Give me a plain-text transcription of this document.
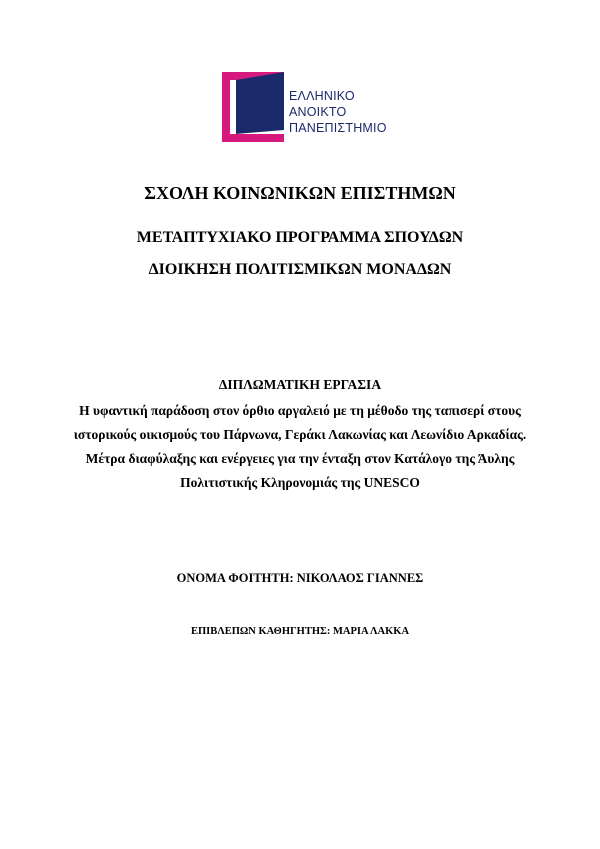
ΕΛΛΗΝΙΚΟ
ΑΝΟΙΚΤΟ
ΠΑΝΕΠΙΣΤΗΜΙΟ
ΣΧΟΛΗ ΚΟΙΝΩΝΙΚΩΝ ΕΠΙΣΤΗΜΩΝ
ΜΕΤΑΠΤΥΧΙΑΚΟ ΠΡΟΓΡΑΜΜΑ ΣΠΟΥΔΩΝ
ΔΙΟΙΚΗΣΗ ΠΟΛΙΤΙΣΜΙΚΩΝ ΜΟΝΑΔΩΝ
ΔΙΠΛΩΜΑΤΙΚΗ ΕΡΓΑΣΙΑ
Η υφαντική παράδοση στον όρθιο αργαλειό με τη μέθοδο της ταπισερί στους ιστορικούς οικισμούς του Πάρνωνα, Γεράκι Λακωνίας και Λεωνίδιο Αρκαδίας. Μέτρα διαφύλαξης και ενέργειες για την ένταξη στον Κατάλογο της Άυλης Πολιτιστικής Κληρονομιάς της UNESCO
ΟΝΟΜΑ ΦΟΙΤΗΤΗ: ΝΙΚΟΛΑΟΣ ΓΙΑΝΝΕΣ
ΕΠΙΒΛΕΠΩΝ ΚΑΘΗΓΗΤΗΣ: ΜΑΡΙΑ ΛΑΚΚΑ
